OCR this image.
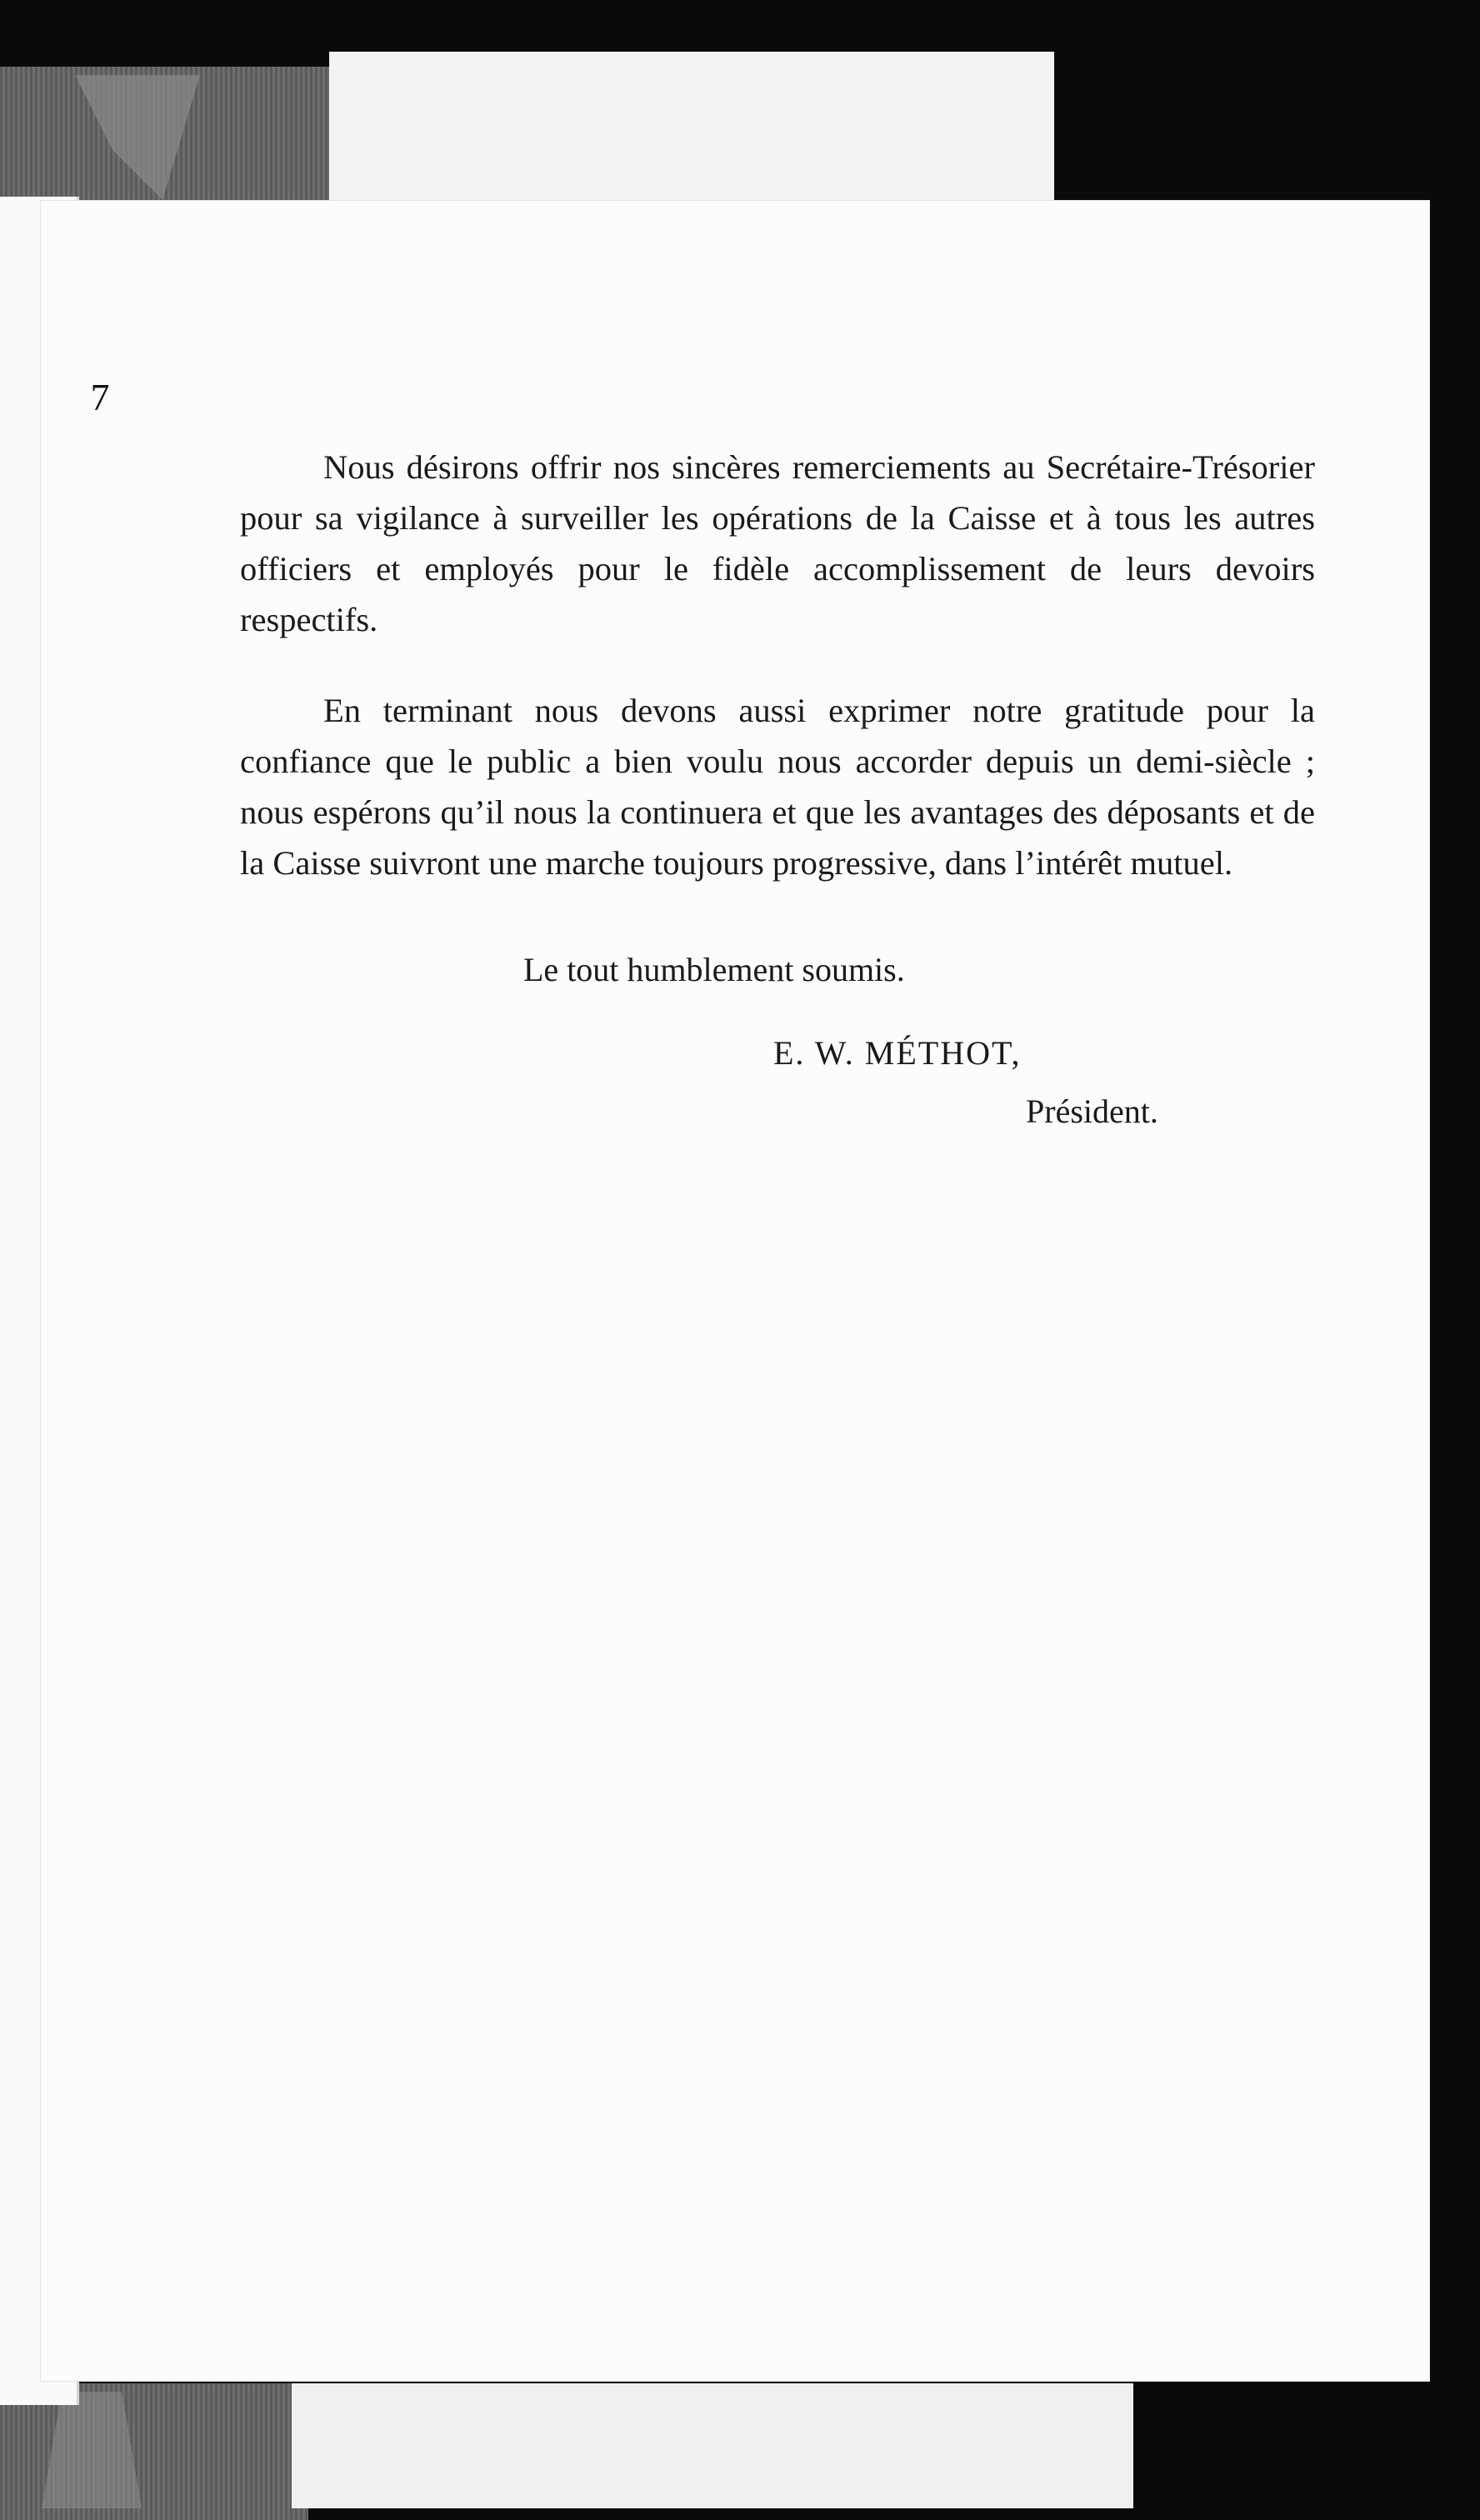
7

Nous désirons offrir nos sincères remerciements au Secrétaire-Trésorier pour sa vigilance à surveiller les opérations de la Caisse et à tous les autres officiers et employés pour le fidèle accomplissement de leurs devoirs respectifs.

En terminant nous devons aussi exprimer notre gratitude pour la confiance que le public a bien voulu nous accorder depuis un demi-siècle ; nous espérons qu’il nous la continuera et que les avantages des déposants et de la Caisse suivront une marche toujours progressive, dans l’intérêt mutuel.

Le tout humblement soumis.
E. W. MÉTHOT,
Président.
